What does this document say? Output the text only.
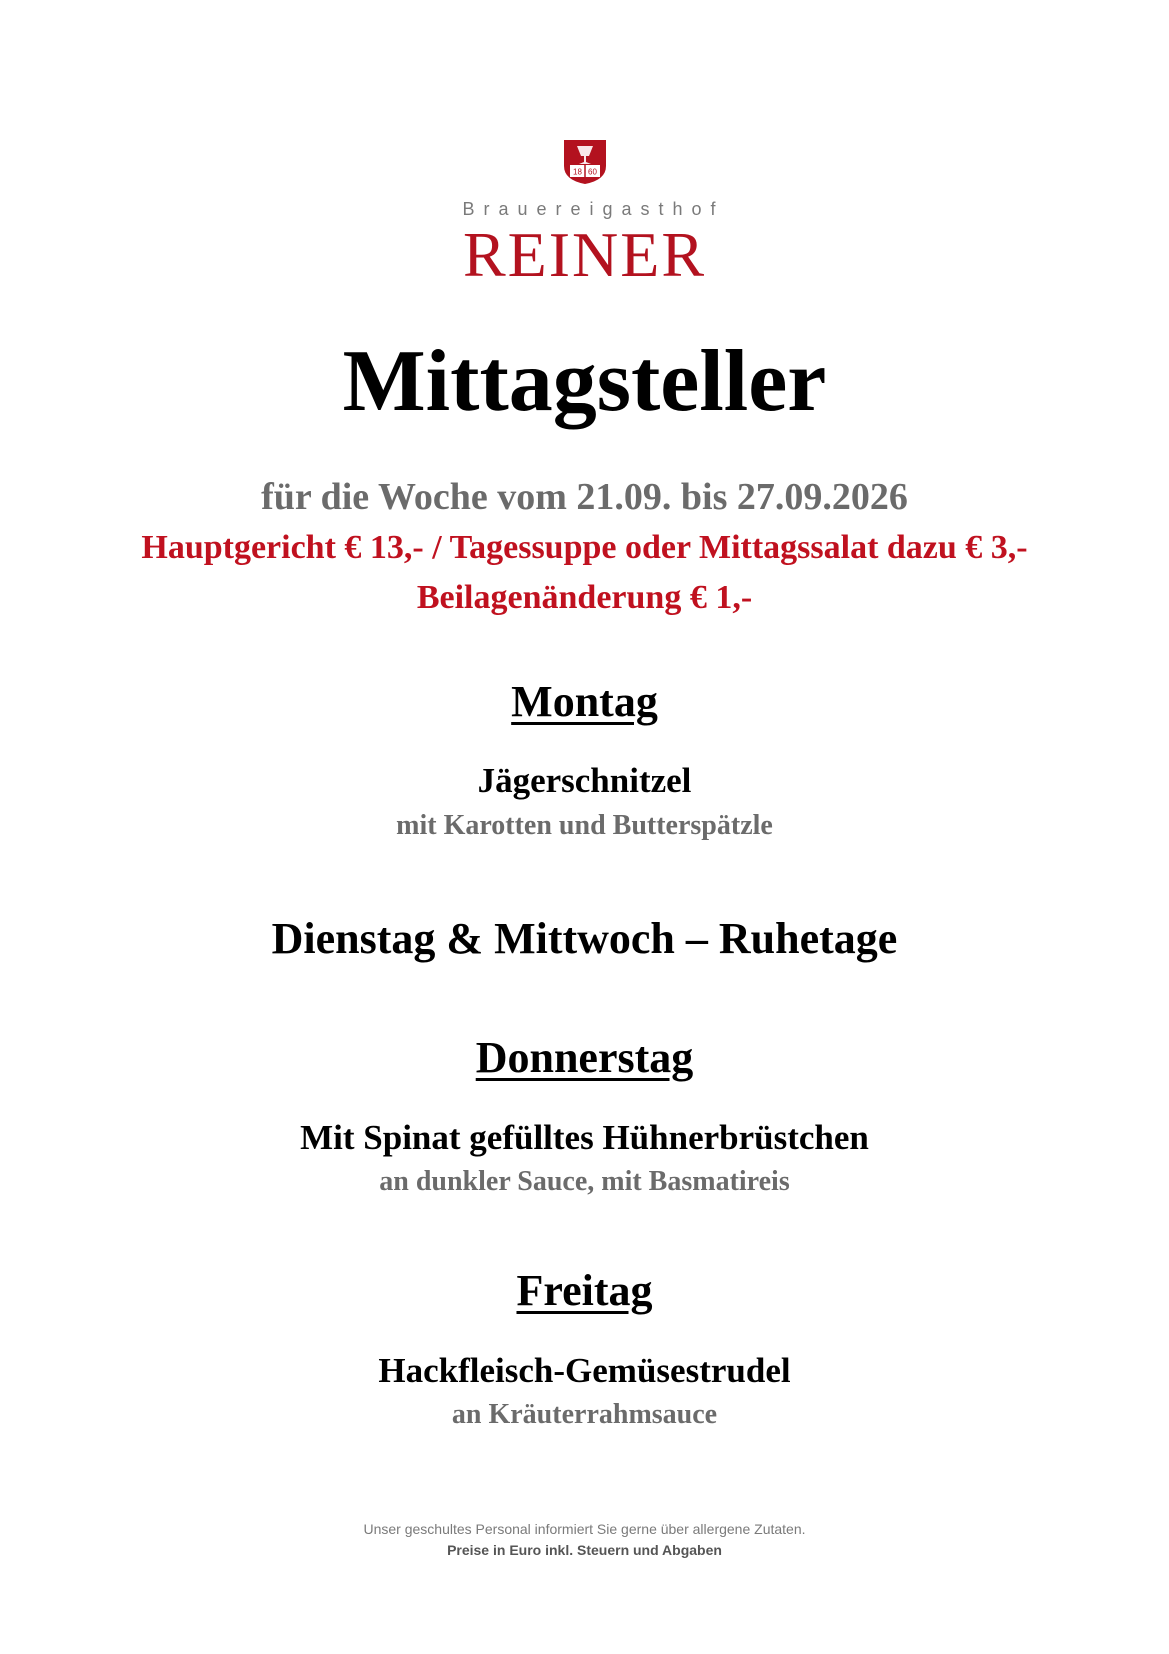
18 60
Brauereigasthof
REINER
Mittagsteller
für die Woche vom 21.09. bis 27.09.2026
Hauptgericht € 13,- / Tagessuppe oder Mittagssalat dazu € 3,-
Beilagenänderung € 1,-
Montag
Jägerschnitzel
mit Karotten und Butterspätzle
Dienstag & Mittwoch – Ruhetage
Donnerstag
Mit Spinat gefülltes Hühnerbrüstchen
an dunkler Sauce, mit Basmatireis
Freitag
Hackfleisch-Gemüsestrudel
an Kräuterrahmsauce
Unser geschultes Personal informiert Sie gerne über allergene Zutaten.
Preise in Euro inkl. Steuern und Abgaben
